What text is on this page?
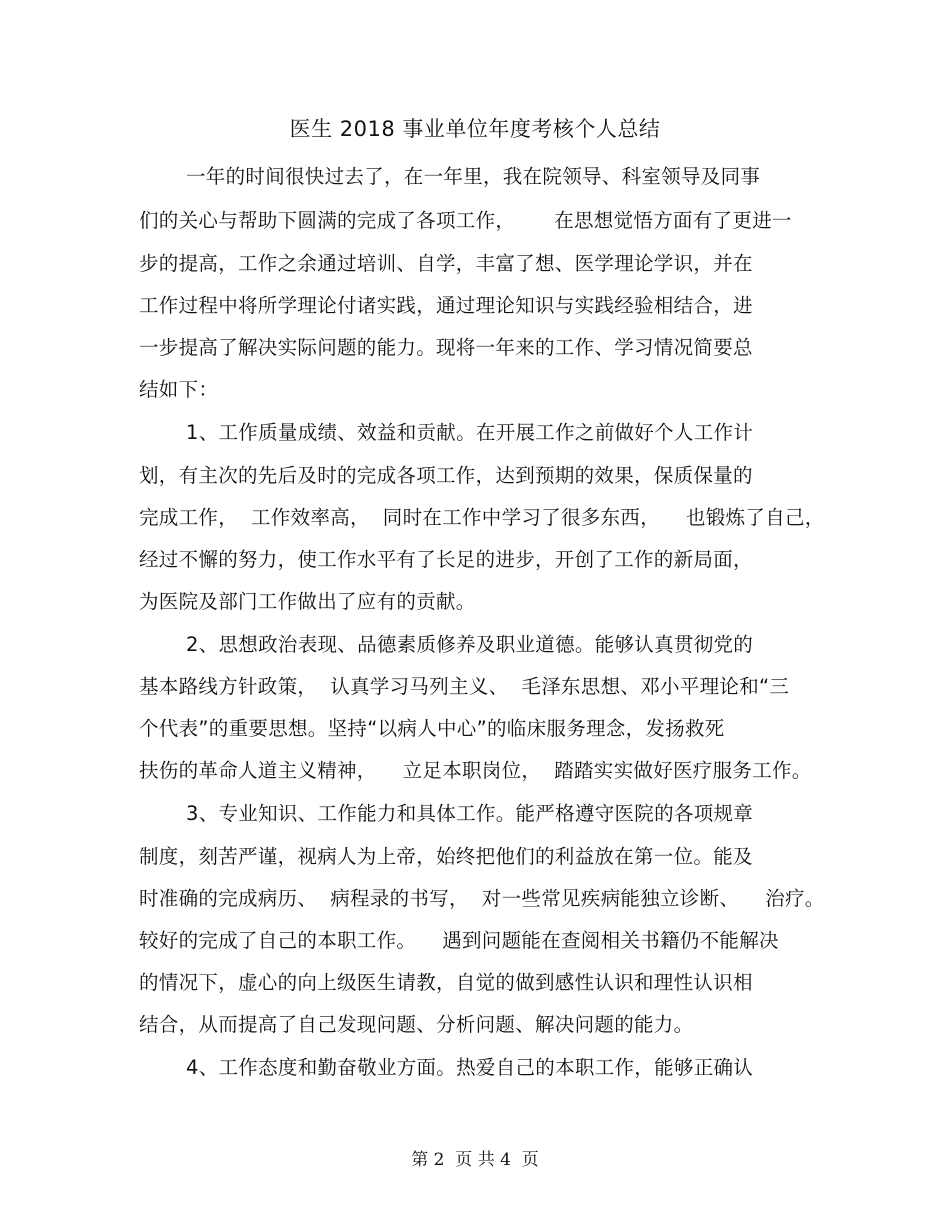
医生 2018 事业单位年度考核个人总结
一年的时间很快过去了，在一年里，我在院领导、科室领导及同事
们的关心与帮助下圆满的完成了各项工作，      在思想觉悟方面有了更进一
步的提高，工作之余通过培训、自学，丰富了想、医学理论学识，并在
工作过程中将所学理论付诸实践，通过理论知识与实践经验相结合，进
一步提高了解决实际问题的能力。现将一年来的工作、学习情况简要总
结如下：
1、工作质量成绩、效益和贡献。在开展工作之前做好个人工作计
划，有主次的先后及时的完成各项工作，达到预期的效果，保质保量的
完成工作，  工作效率高，  同时在工作中学习了很多东西，    也锻炼了自己，
经过不懈的努力，使工作水平有了长足的进步，开创了工作的新局面，
为医院及部门工作做出了应有的贡献。
2、思想政治表现、品德素质修养及职业道德。能够认真贯彻党的
基本路线方针政策，  认真学习马列主义、  毛泽东思想、邓小平理论和“三
个代表”的重要思想。坚持“以病人中心”的临床服务理念，发扬救死
扶伤的革命人道主义精神，    立足本职岗位，  踏踏实实做好医疗服务工作。
3、专业知识、工作能力和具体工作。能严格遵守医院的各项规章
制度，刻苦严谨，视病人为上帝，始终把他们的利益放在第一位。能及
时准确的完成病历、  病程录的书写，  对一些常见疾病能独立诊断、    治疗。
较好的完成了自己的本职工作。    遇到问题能在查阅相关书籍仍不能解决
的情况下，虚心的向上级医生请教，自觉的做到感性认识和理性认识相
结合，从而提高了自己发现问题、分析问题、解决问题的能力。
4、工作态度和勤奋敬业方面。热爱自己的本职工作，能够正确认
第 2  页 共 4  页
